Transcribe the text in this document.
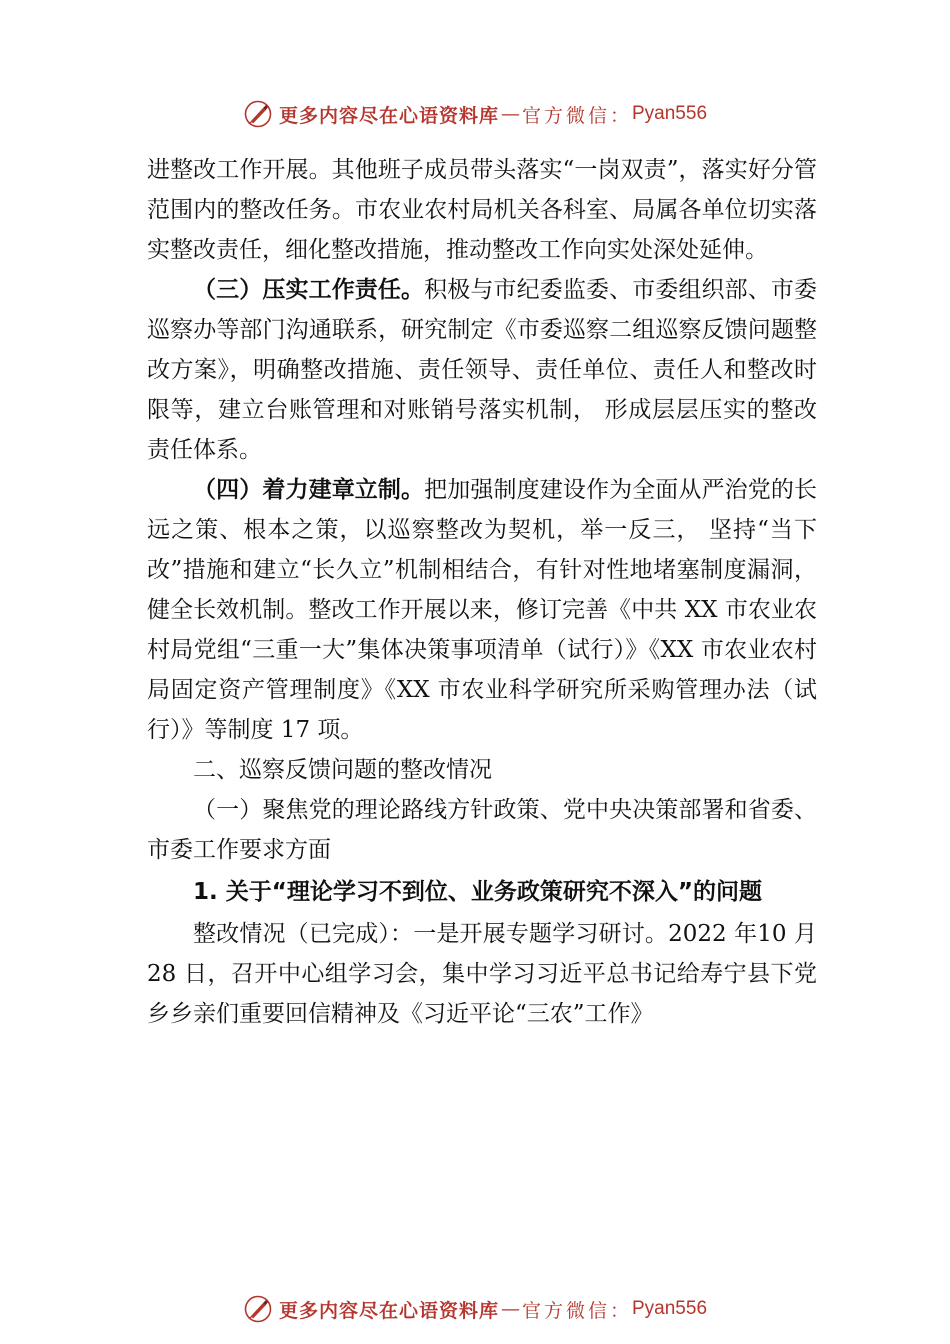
更多内容尽在心语资料库 — 官方微信： Pyan556

进整改工作开展。其他班子成员带头落实“一岗双责”，落实好分管范围内的整改任务。市农业农村局机关各科室、局属各单位切实落实整改责任，细化整改措施，推动整改工作向实处深处延伸。

（三）压实工作责任。积极与市纪委监委、市委组织部、市委巡察办等部门沟通联系，研究制定《市委巡察二组巡察反馈问题整改方案》，明确整改措施、责任领导、责任单位、责任人和整改时限等，建立台账管理和对账销号落实机制， 形成层层压实的整改责任体系。

（四）着力建章立制。把加强制度建设作为全面从严治党的长远之策、根本之策，以巡察整改为契机，举一反三， 坚持“当下改”措施和建立“长久立”机制相结合，有针对性地堵塞制度漏洞，健全长效机制。整改工作开展以来，修订完善《中共 XX 市农业农村局党组“三重一大”集体决策事项清单（试行）》《XX 市农业农村局固定资产管理制度》《XX 市农业科学研究所采购管理办法（试行）》等制度 17 项。

二、巡察反馈问题的整改情况

（一）聚焦党的理论路线方针政策、党中央决策部署和省委、市委工作要求方面

1. 关于“理论学习不到位、业务政策研究不深入”的问题

整改情况（已完成）：一是开展专题学习研讨。2022 年10 月 28 日，召开中心组学习会，集中学习习近平总书记给寿宁县下党乡乡亲们重要回信精神及《习近平论“三农”工作》

更多内容尽在心语资料库 — 官方微信： Pyan556
